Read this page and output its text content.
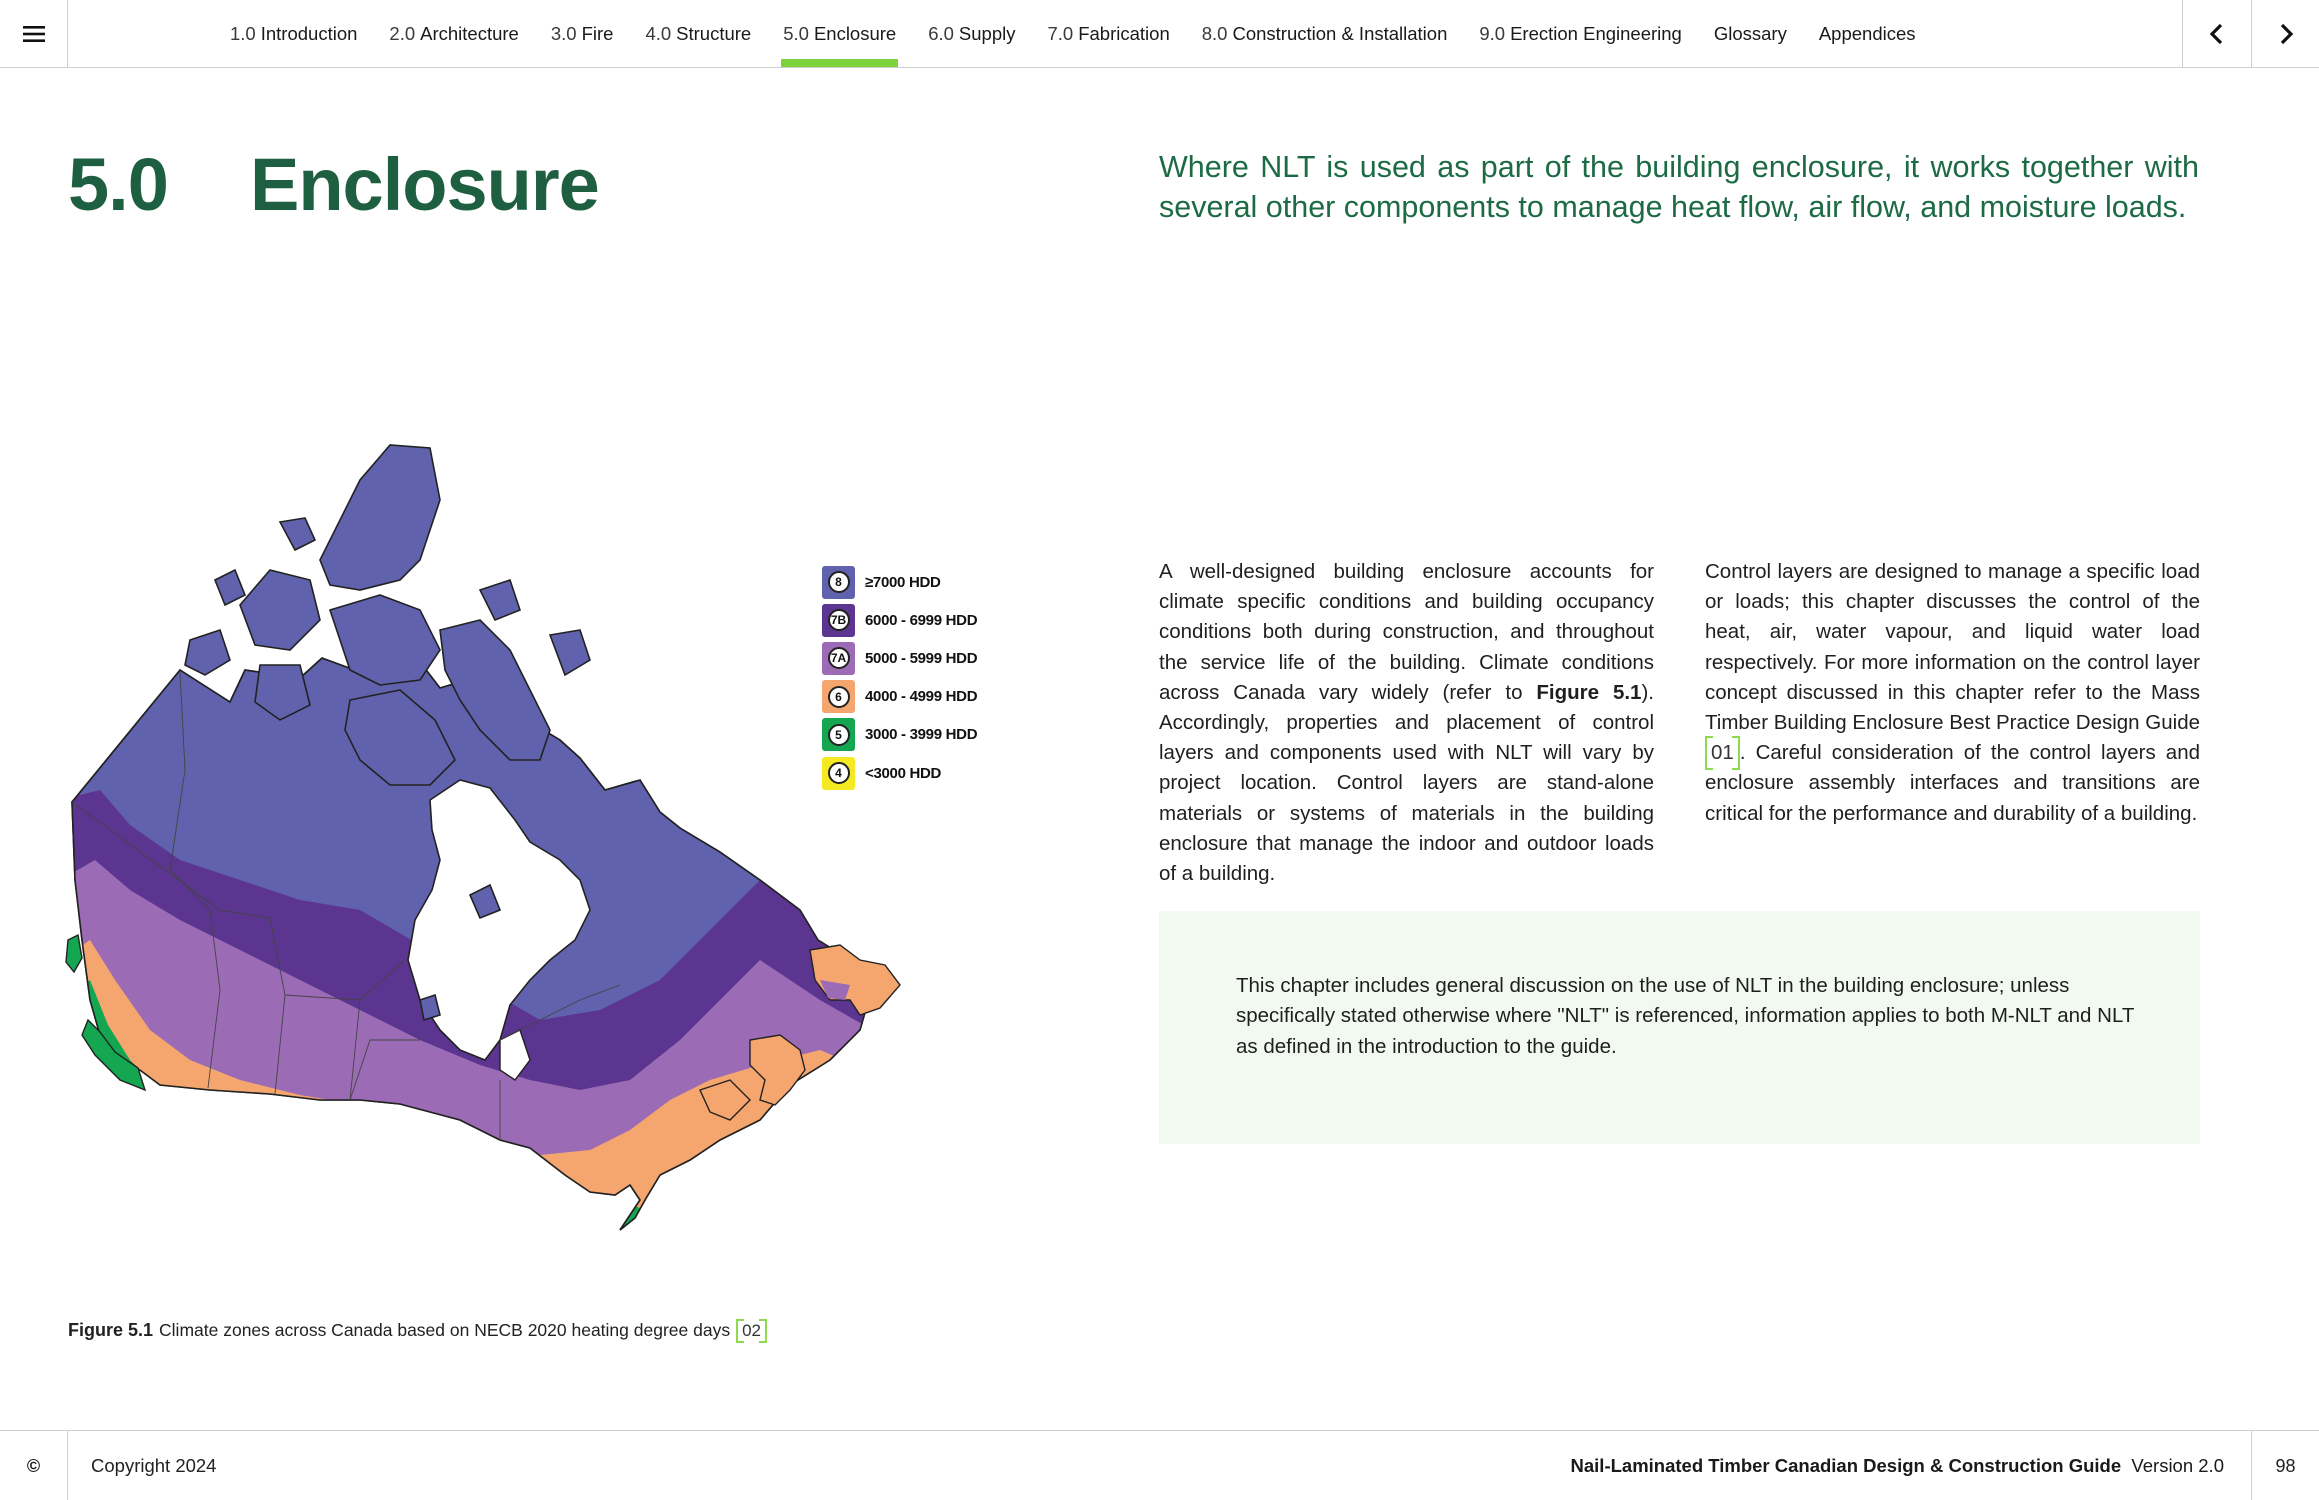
1.0 Introduction 2.0 Architecture 3.0 Fire 4.0 Structure 5.0 Enclosure 6.0 Supply 7.0 Fabrication 8.0 Construction & Installation 9.0 Erection Engineering Glossary Appendices
5.0 Enclosure	Where NLT is used as part of the building enclosure, it works together with several other components to manage heat flow, air flow, and moisture loads.
A well-designed building enclosure accounts for climate specific conditions and building occupancy conditions both during construction, and throughout the service life of the building. Climate conditions across Canada vary widely (refer to Figure 5.1). Accordingly, properties and placement of control layers and components used with NLT will vary by project location. Control layers are stand-alone materials or systems of materials in the building enclosure that manage the indoor and outdoor loads of a building.
Control layers are designed to manage a specific load or loads; this chapter discusses the control of the heat, air, water vapour, and liquid water load respectively. For more information on the control layer concept discussed in this chapter refer to the Mass Timber Building Enclosure Best Practice Design Guide 01 . Careful consideration of the control layers and enclosure assembly interfaces and transitions are critical for the performance and durability of a building.
This chapter includes general discussion on the use of NLT in the building enclosure; unless specifically stated otherwise where "NLT" is referenced, information applies to both M-NLT and NLT as defined in the introduction to the guide.
8	≥7000 HDD
7B 6000 - 6999 HDD
7A 5000 - 5999 HDD
6	4000 - 4999 HDD
5	3000 - 3999 HDD
4	<3000 HDD
Figure 5.1 Climate zones across Canada based on NECB 2020 heating degree days 02
©	Copyright 2024	Nail-Laminated Timber Canadian Design & Construction Guide Version 2.0	98
